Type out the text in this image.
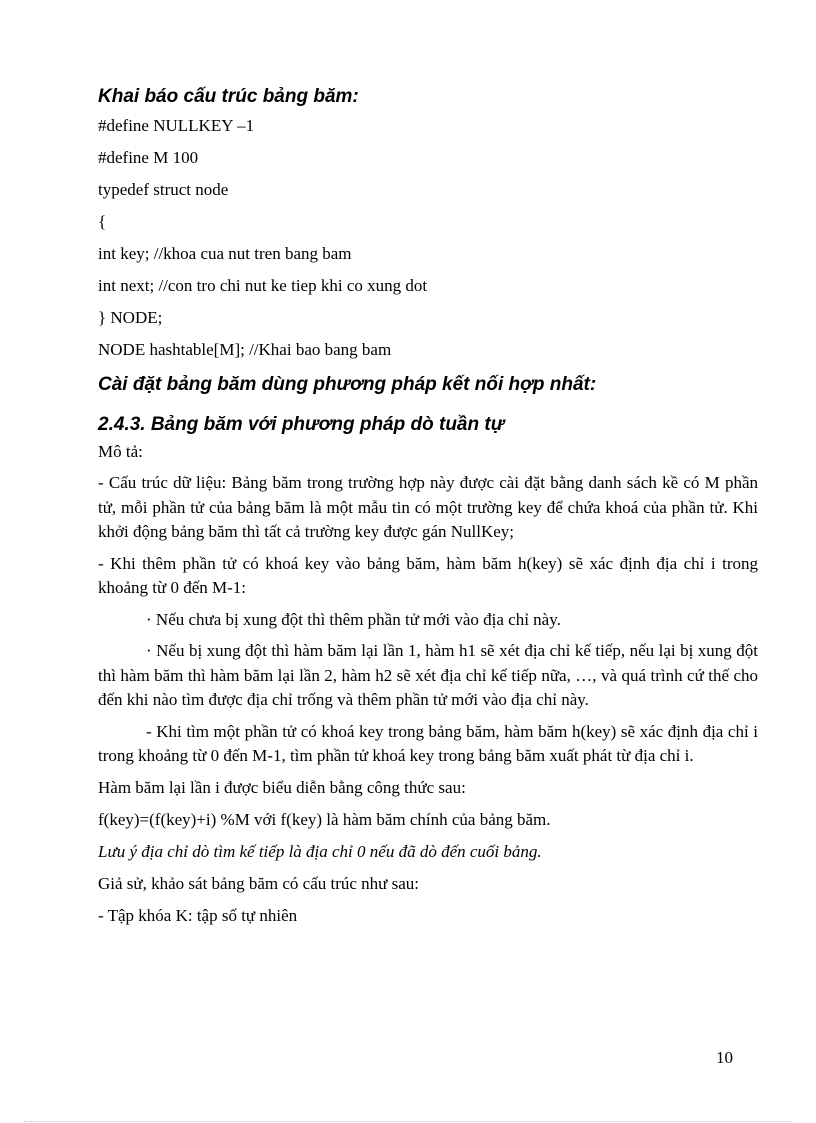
Khai báo cấu trúc bảng băm:

#define NULLKEY –1

#define M 100

typedef struct node

{

int key; //khoa cua nut tren bang bam

int next; //con tro chi nut ke tiep khi co xung dot

} NODE;

NODE hashtable[M]; //Khai bao bang bam

Cài đặt bảng băm dùng phương pháp kết nối hợp nhất:

2.4.3. Bảng băm với phương pháp dò tuần tự

Mô tả:

- Cấu trúc dữ liệu: Bảng băm trong trường hợp này được cài đặt bằng danh sách kề có M phần tử, mỗi phần tử của bảng băm là một mẫu tin có một trường key để chứa khoá của phần tử. Khi khởi động bảng băm thì tất cả trường key được gán NullKey;

- Khi thêm phần tử có khoá key vào bảng băm, hàm băm h(key) sẽ xác định địa chỉ i trong khoảng từ 0 đến M-1:

· Nếu chưa bị xung đột thì thêm phần tử mới vào địa chỉ này.

· Nếu bị xung đột thì hàm băm lại lần 1, hàm h1 sẽ xét địa chỉ kế tiếp, nếu lại bị xung đột thì hàm băm thì hàm băm lại lần 2, hàm h2 sẽ xét địa chỉ kế tiếp nữa, …, và quá trình cứ thế cho đến khi nào tìm được địa chỉ trống và thêm phần tử mới vào địa chỉ này.

- Khi tìm một phần tử có khoá key trong bảng băm, hàm băm h(key) sẽ xác định địa chỉ i trong khoảng từ 0 đến M-1, tìm phần tử khoá key trong bảng băm xuất phát từ địa chỉ i.

Hàm băm lại lần i được biểu diễn bằng công thức sau:

f(key)=(f(key)+i) %M với f(key) là hàm băm chính của bảng băm.

Lưu ý địa chỉ dò tìm kế tiếp là địa chỉ 0 nếu đã dò đến cuối bảng.

Giả sử, khảo sát bảng băm có cấu trúc như sau:

- Tập khóa K: tập số tự nhiên

10
